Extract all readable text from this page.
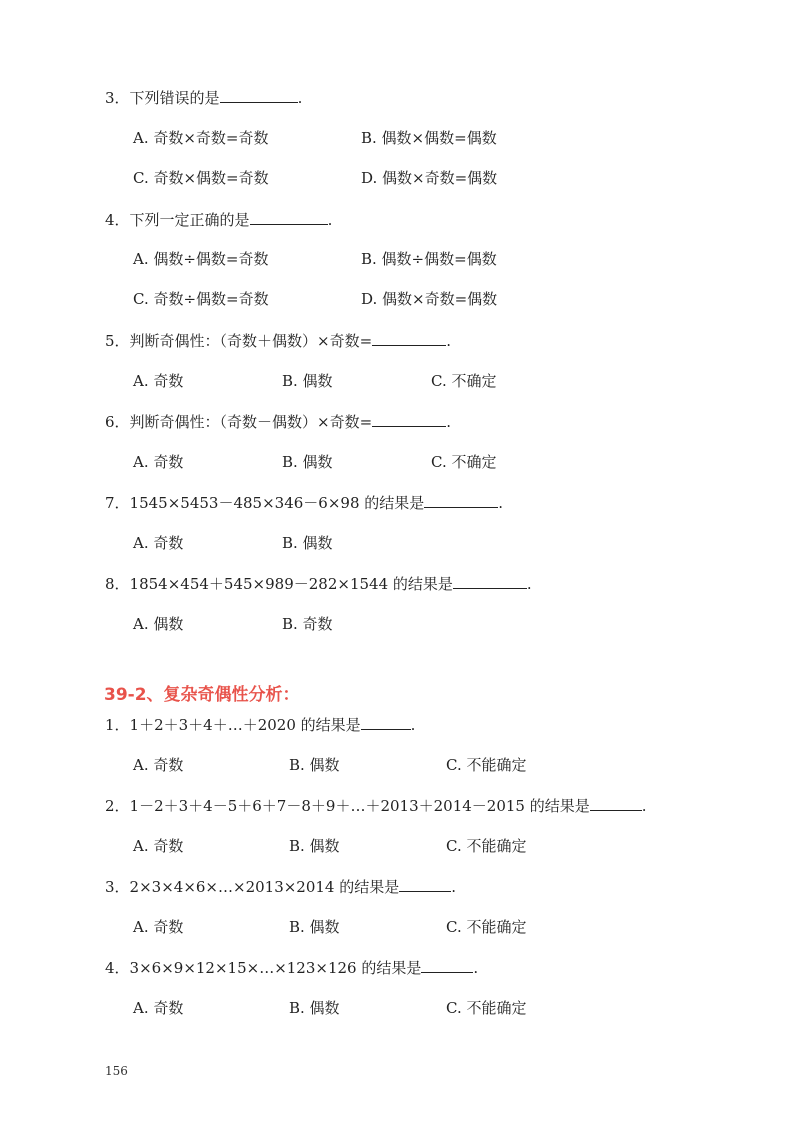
3．下列错误的是	.
A. 奇数×奇数=奇数	B. 偶数×偶数=偶数
C. 奇数×偶数=奇数	D. 偶数×奇数=偶数
4．下列一定正确的是	.
A. 偶数÷偶数=奇数	B. 偶数÷偶数=偶数
C. 奇数÷偶数=奇数	D. 偶数×奇数=偶数
5．判断奇偶性：（奇数＋偶数）×奇数=	.
A. 奇数	B. 偶数	C. 不确定
6．判断奇偶性：（奇数－偶数）×奇数=	.
A. 奇数	B. 偶数	C. 不确定
7．1545×5453－485×346－6×98 的结果是	.
A. 奇数	B. 偶数
8．1854×454＋545×989－282×1544 的结果是	.
A. 偶数	B. 奇数
1．1＋2＋3＋4＋…＋2020 的结果是	.
A. 奇数	B. 偶数	C. 不能确定
2．1－2＋3＋4－5＋6＋7－8＋9＋…＋2013＋2014－2015 的结果是	.
A. 奇数	B. 偶数	C. 不能确定
3．2×3×4×6×…×2013×2014 的结果是	.
A. 奇数	B. 偶数	C. 不能确定
4．3×6×9×12×15×…×123×126 的结果是	.
A. 奇数	B. 偶数	C. 不能确定
39-2、复杂奇偶性分析：
156
